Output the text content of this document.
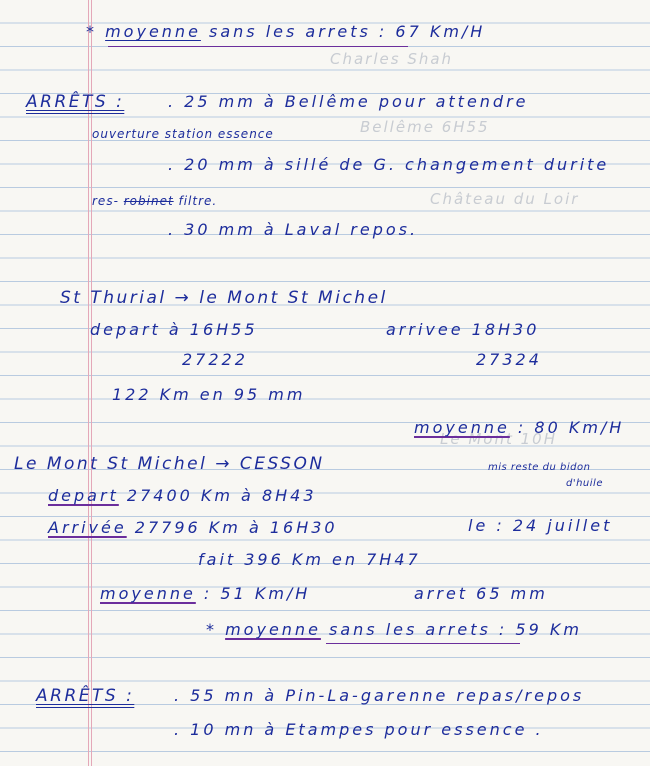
Charles Shah
Bellême 6H55
Château du Loir
Le Mont 10H
* moyenne sans les arrets : 67 Km/H
ARRÊTS :	. 25 mm à Bellême pour attendre
ouverture station essence
. 20 mm à sillé de G. changement durite
res- robinet filtre.
. 30 mm à Laval repos.
St Thurial → le Mont St Michel
depart à 16H55	arrivee 18H30
27222	27324
122 Km en 95 mm
moyenne : 80 Km/H
Le Mont St Michel → CESSON	mis reste du bidon
d'huile
depart 27400 Km à 8H43
Arrivée 27796 Km à 16H30	le : 24 juillet
fait 396 Km en 7H47
moyenne : 51 Km/H	arret 65 mm
* moyenne sans les arrets : 59 Km
ARRÊTS : . 55 mn à Pin-La-garenne repas/repos
. 10 mn à Etampes pour essence .
